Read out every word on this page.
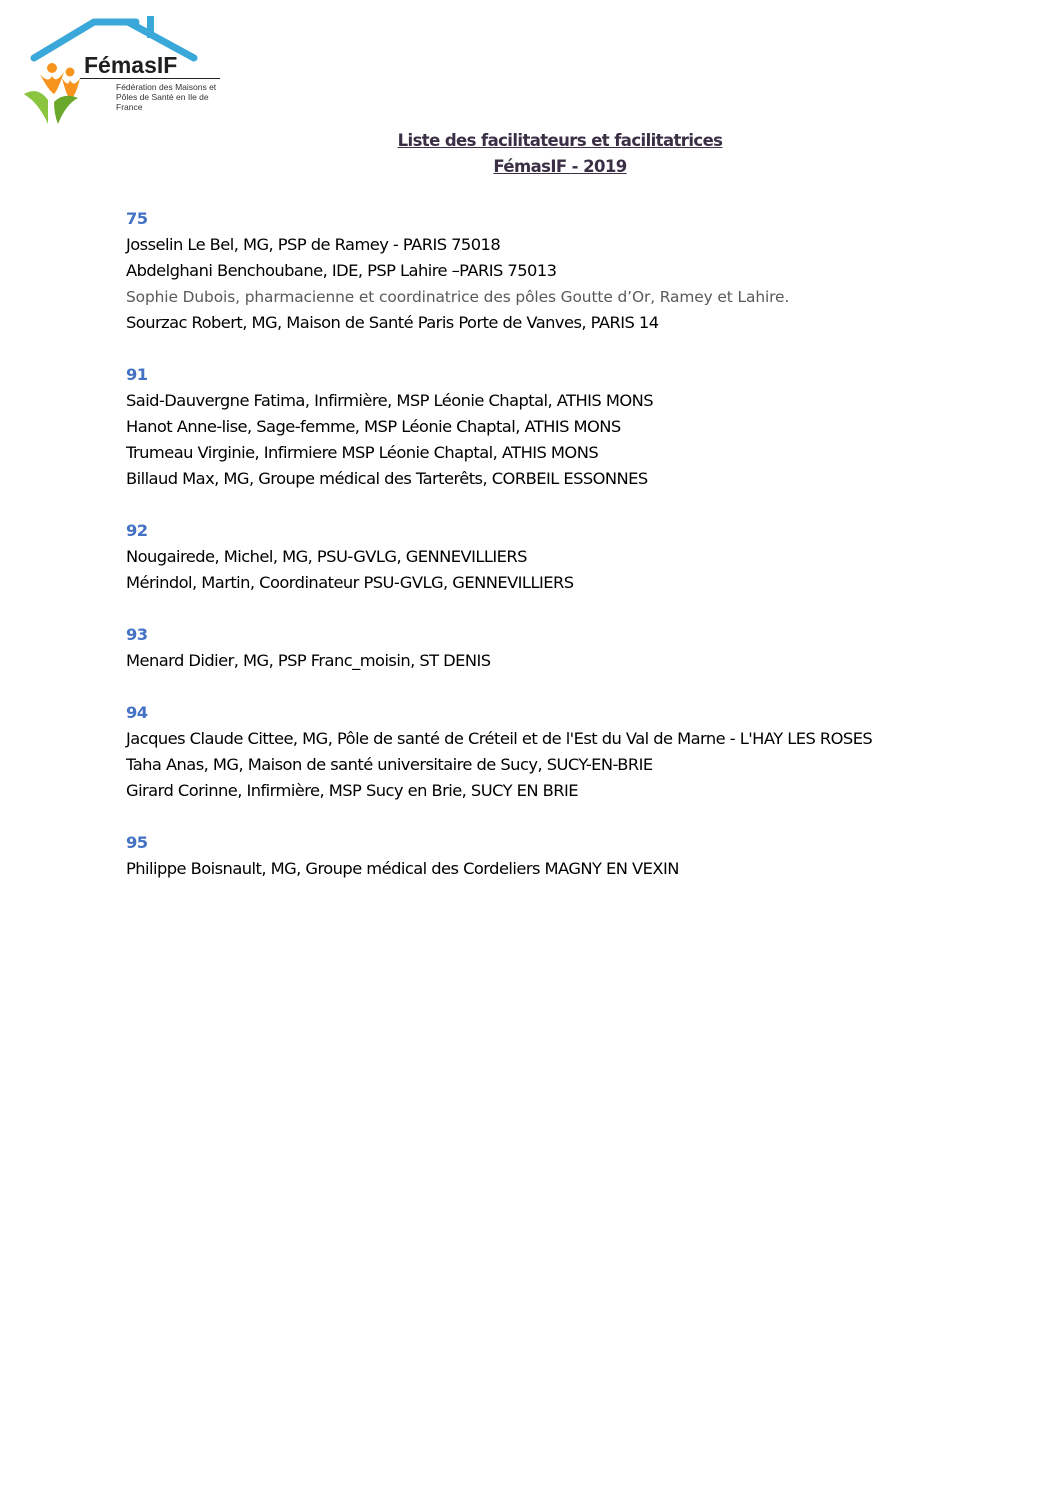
FémasIF
Fédération des Maisons et
Pôles de Santé en Ile de France
Liste des facilitateurs et facilitatrices
FémasIF - 2019
75
Josselin Le Bel, MG, PSP de Ramey - PARIS 75018
Abdelghani Benchoubane, IDE, PSP Lahire –PARIS 75013
Sophie Dubois, pharmacienne et coordinatrice des pôles Goutte d’Or, Ramey et Lahire.
Sourzac Robert, MG, Maison de Santé Paris Porte de Vanves, PARIS 14
91
Said-Dauvergne Fatima, Infirmière, MSP Léonie Chaptal, ATHIS MONS
Hanot Anne-lise, Sage-femme, MSP Léonie Chaptal, ATHIS MONS
Trumeau Virginie, Infirmiere MSP Léonie Chaptal, ATHIS MONS
Billaud Max, MG, Groupe médical des Tarterêts, CORBEIL ESSONNES
92
Nougairede, Michel, MG, PSU-GVLG, GENNEVILLIERS
Mérindol, Martin, Coordinateur PSU-GVLG, GENNEVILLIERS
93
Menard Didier, MG, PSP Franc_moisin, ST DENIS
94
Jacques Claude Cittee, MG, Pôle de santé de Créteil et de l'Est du Val de Marne - L'HAY LES ROSES
Taha Anas, MG, Maison de santé universitaire de Sucy, SUCY-EN-BRIE
Girard Corinne, Infirmière, MSP Sucy en Brie, SUCY EN BRIE
95
Philippe Boisnault, MG, Groupe médical des Cordeliers MAGNY EN VEXIN
